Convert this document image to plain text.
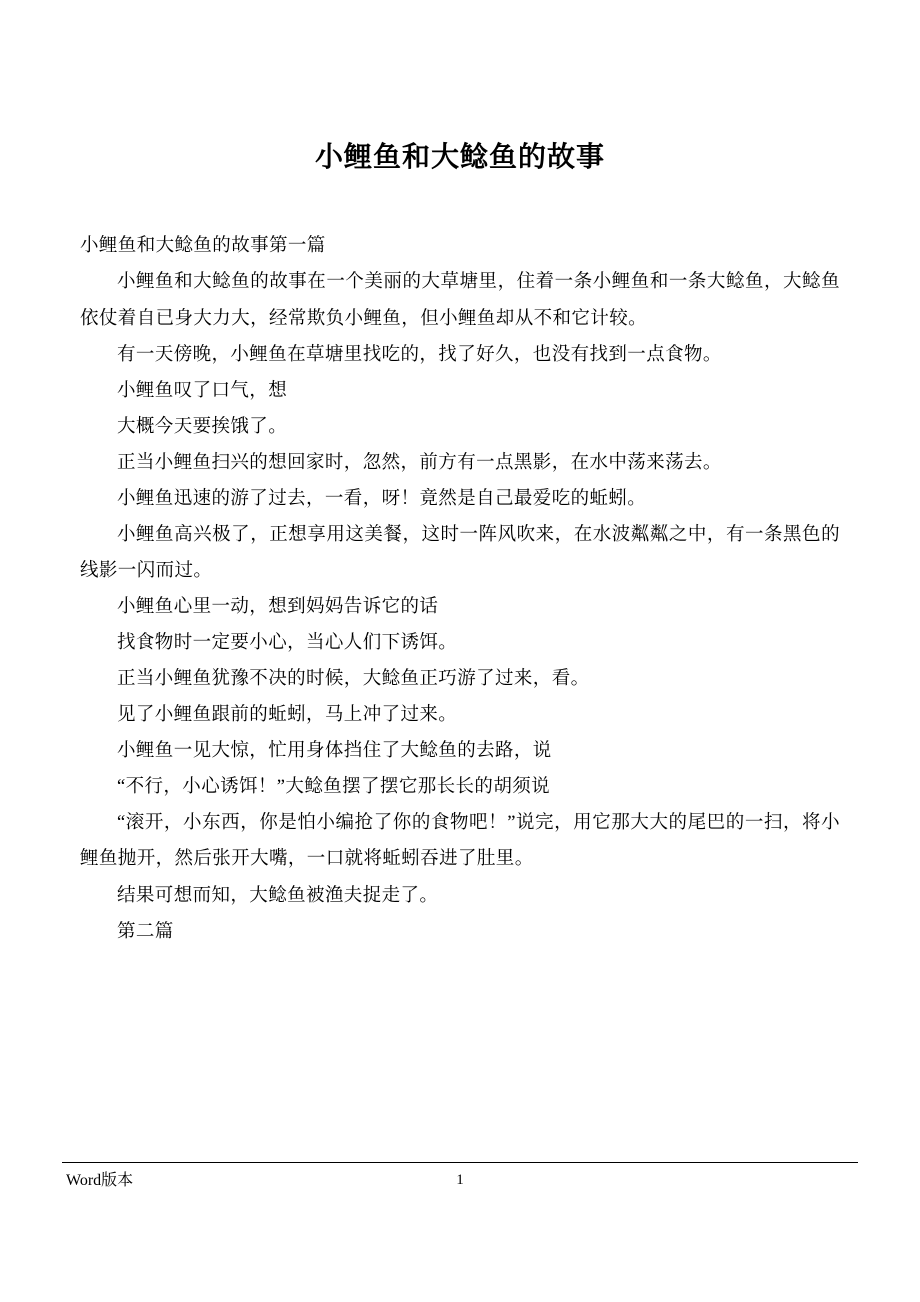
小鲤鱼和大鲶鱼的故事

小鲤鱼和大鲶鱼的故事第一篇

小鲤鱼和大鲶鱼的故事在一个美丽的大草塘里，住着一条小鲤鱼和一条大鲶鱼，大鲶鱼依仗着自已身大力大，经常欺负小鲤鱼，但小鲤鱼却从不和它计较。

有一天傍晚，小鲤鱼在草塘里找吃的，找了好久，也没有找到一点食物。

小鲤鱼叹了口气，想

大概今天要挨饿了。

正当小鲤鱼扫兴的想回家时，忽然，前方有一点黑影，在水中荡来荡去。

小鲤鱼迅速的游了过去，一看，呀！竟然是自己最爱吃的蚯蚓。

小鲤鱼高兴极了，正想享用这美餐，这时一阵风吹来，在水波粼粼之中，有一条黑色的线影一闪而过。

小鲤鱼心里一动，想到妈妈告诉它的话

找食物时一定要小心，当心人们下诱饵。

正当小鲤鱼犹豫不决的时候，大鲶鱼正巧游了过来，看。

见了小鲤鱼跟前的蚯蚓，马上冲了过来。

小鲤鱼一见大惊，忙用身体挡住了大鲶鱼的去路，说

“不行，小心诱饵！”大鲶鱼摆了摆它那长长的胡须说

“滚开，小东西，你是怕小编抢了你的食物吧！”说完，用它那大大的尾巴的一扫，将小鲤鱼抛开，然后张开大嘴，一口就将蚯蚓吞进了肚里。

结果可想而知，大鲶鱼被渔夫捉走了。

第二篇

Word版本	1
